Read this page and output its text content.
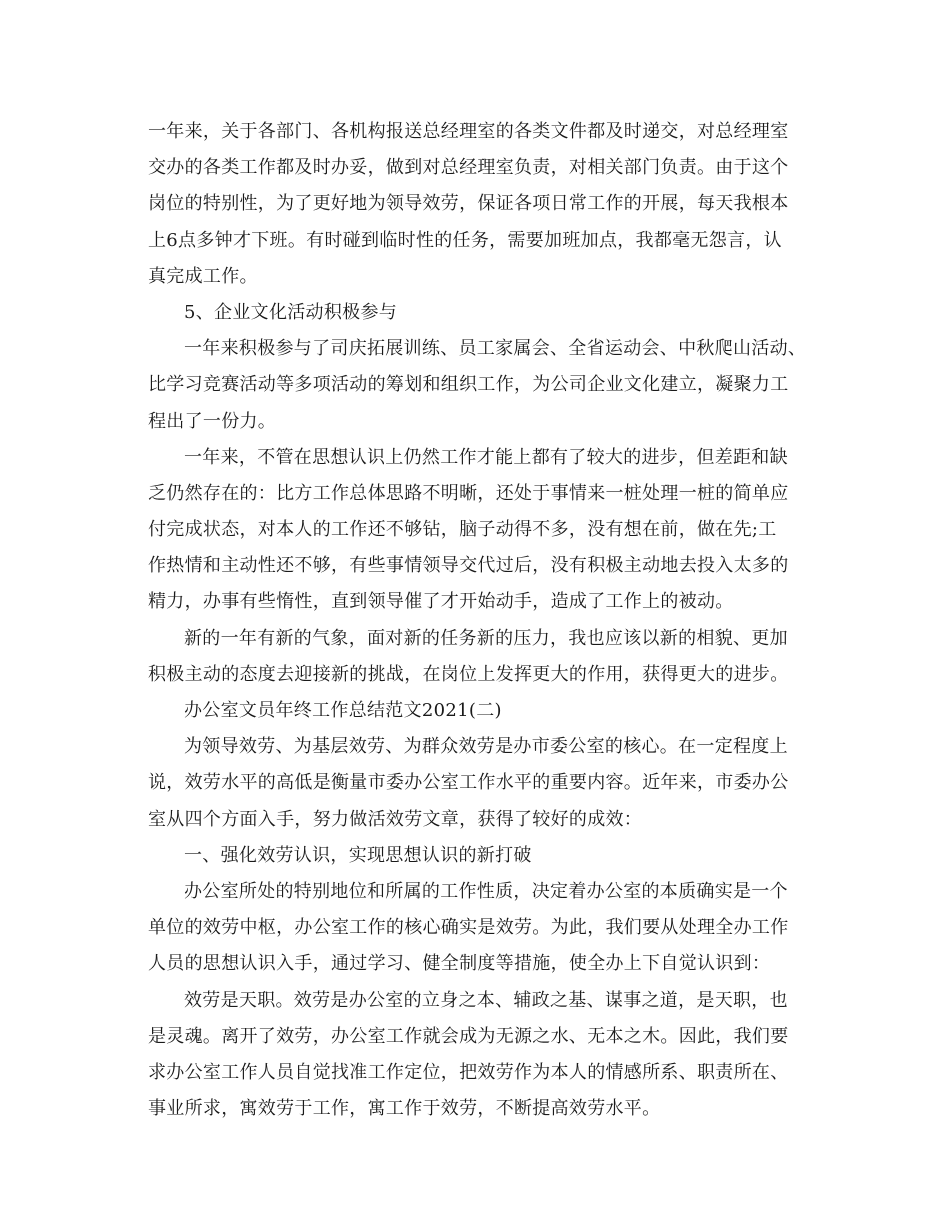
一年来，关于各部门、各机构报送总经理室的各类文件都及时递交，对总经理室
交办的各类工作都及时办妥，做到对总经理室负责，对相关部门负责。由于这个
岗位的特别性，为了更好地为领导效劳，保证各项日常工作的开展，每天我根本
上6点多钟才下班。有时碰到临时性的任务，需要加班加点，我都毫无怨言，认
真完成工作。
5、企业文化活动积极参与
一年来积极参与了司庆拓展训练、员工家属会、全省运动会、中秋爬山活动、
比学习竞赛活动等多项活动的筹划和组织工作，为公司企业文化建立，凝聚力工
程出了一份力。
一年来，不管在思想认识上仍然工作才能上都有了较大的进步，但差距和缺
乏仍然存在的：比方工作总体思路不明晰，还处于事情来一桩处理一桩的简单应
付完成状态，对本人的工作还不够钻，脑子动得不多，没有想在前，做在先;工
作热情和主动性还不够，有些事情领导交代过后，没有积极主动地去投入太多的
精力，办事有些惰性，直到领导催了才开始动手，造成了工作上的被动。
新的一年有新的气象，面对新的任务新的压力，我也应该以新的相貌、更加
积极主动的态度去迎接新的挑战，在岗位上发挥更大的作用，获得更大的进步。
办公室文员年终工作总结范文2021(二)
为领导效劳、为基层效劳、为群众效劳是办市委公室的核心。在一定程度上
说，效劳水平的高低是衡量市委办公室工作水平的重要内容。近年来，市委办公
室从四个方面入手，努力做活效劳文章，获得了较好的成效：
一、强化效劳认识，实现思想认识的新打破
办公室所处的特别地位和所属的工作性质，决定着办公室的本质确实是一个
单位的效劳中枢，办公室工作的核心确实是效劳。为此，我们要从处理全办工作
人员的思想认识入手，通过学习、健全制度等措施，使全办上下自觉认识到：
效劳是天职。效劳是办公室的立身之本、辅政之基、谋事之道，是天职，也
是灵魂。离开了效劳，办公室工作就会成为无源之水、无本之木。因此，我们要
求办公室工作人员自觉找准工作定位，把效劳作为本人的情感所系、职责所在、
事业所求，寓效劳于工作，寓工作于效劳，不断提高效劳水平。
